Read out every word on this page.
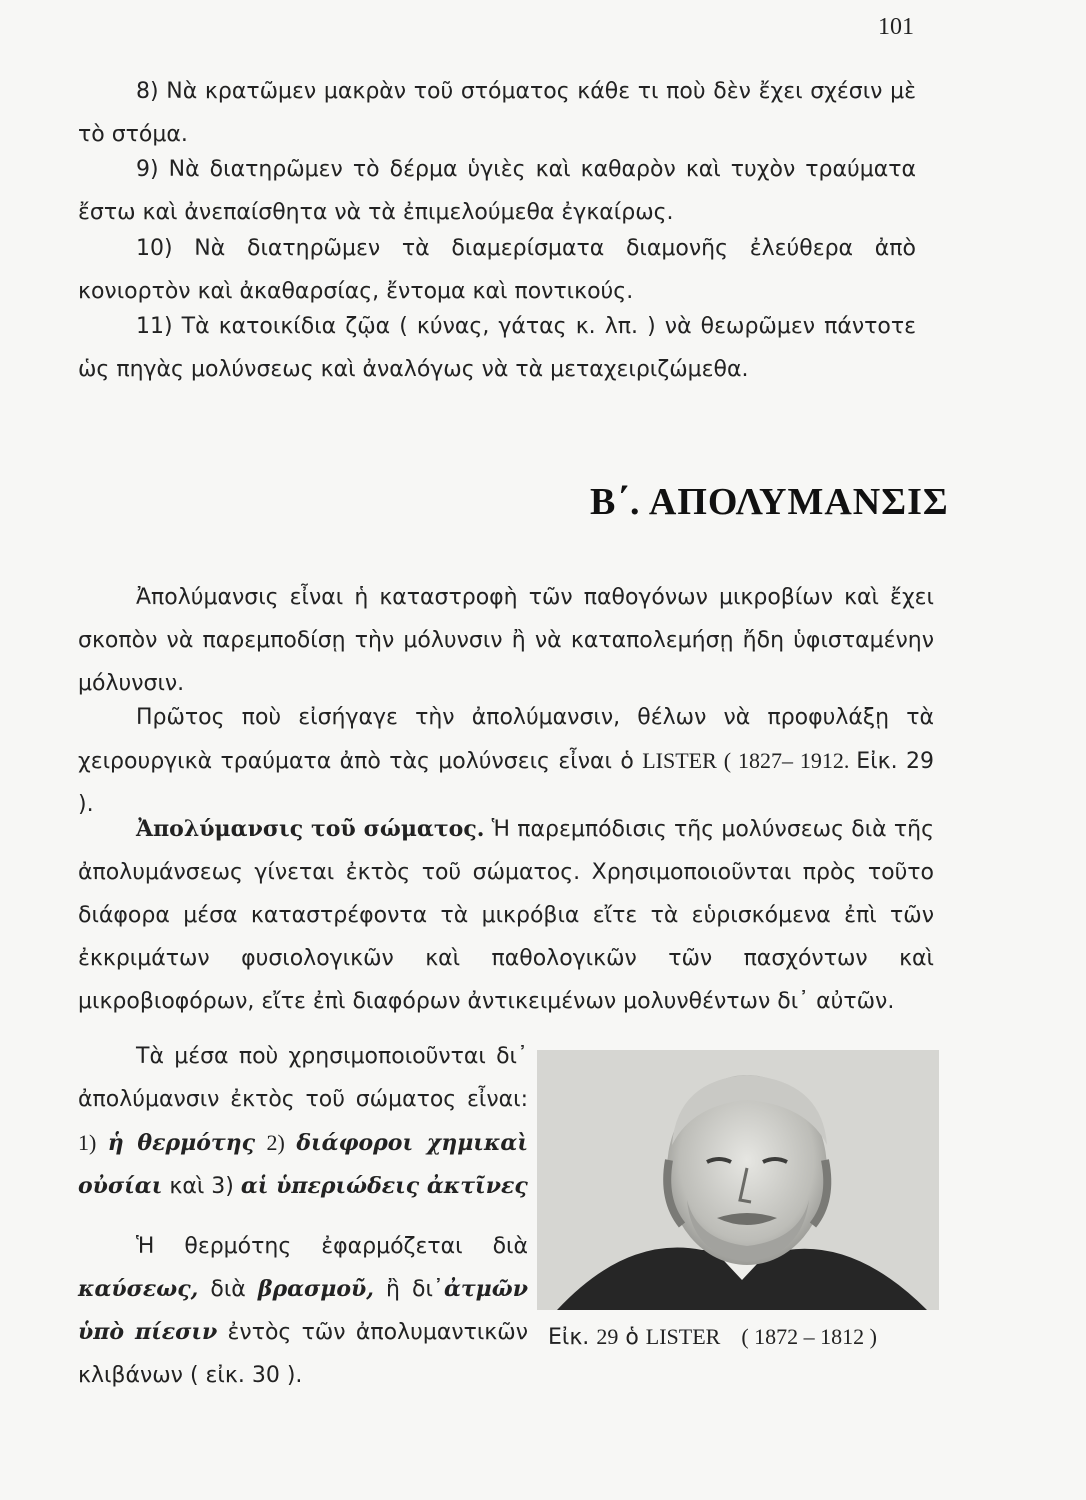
101

8) Νὰ κρατῶμεν μακρὰν τοῦ στόματος κάθε τι ποὺ δὲν ἔχει σχέσιν μὲ τὸ στόμα.

9) Νὰ διατηρῶμεν τὸ δέρμα ὑγιὲς καὶ καθαρὸν καὶ τυχὸν τραύματα ἔστω καὶ ἀνεπαίσθητα νὰ τὰ ἐπιμελούμεθα ἐγκαίρως.

10) Νὰ διατηρῶμεν τὰ διαμερίσματα διαμονῆς ἐλεύθερα ἀπὸ κονιορτὸν καὶ ἀκαθαρσίας, ἔντομα καὶ ποντικούς.

11) Τὰ κατοικίδια ζῷα ( κύνας, γάτας κ. λπ. ) νὰ θεωρῶμεν πάντοτε ὡς πηγὰς μολύνσεως καὶ ἀναλόγως νὰ τὰ μεταχειριζώμεθα.

Β΄. ΑΠΟΛΥΜΑΝΣΙΣ

Ἀπολύμανσις εἶναι ἡ καταστροφὴ τῶν παθογόνων μικροβίων καὶ ἔχει σκοπὸν νὰ παρεμποδίσῃ τὴν μόλυνσιν ἢ νὰ καταπολεμήσῃ ἤδη ὑφισταμένην μόλυνσιν.

Πρῶτος ποὺ εἰσήγαγε τὴν ἀπολύμανσιν, θέλων νὰ προφυλάξῃ τὰ χειρουργικὰ τραύματα ἀπὸ τὰς μολύνσεις εἶναι ὁ LISTER ( 1827– 1912. Εἰκ. 29 ).

Ἀπολύμανσις τοῦ σώματος. Ἡ παρεμπόδισις τῆς μολύνσεως διὰ τῆς ἀπολυμάνσεως γίνεται ἐκτὸς τοῦ σώματος. Χρησιμοποιοῦνται πρὸς τοῦτο διάφορα μέσα καταστρέφοντα τὰ μικρόβια εἴτε τὰ εὑρισκόμενα ἐπὶ τῶν ἐκκριμάτων φυσιολογικῶν καὶ παθολογικῶν τῶν πασχόντων καὶ μικροβιοφόρων, εἴτε ἐπὶ διαφόρων ἀντικειμένων μολυνθέντων δι᾽ αὐτῶν.

Τὰ μέσα ποὺ χρησιμοποιοῦνται δι᾽ ἀπολύμανσιν ἐκτὸς τοῦ σώματος εἶναι: 1) ἡ θερμότης 2) διάφοροι χημικαὶ οὐσίαι καὶ 3) αἱ ὑπεριώδεις ἀκτῖνες

Ἡ θερμότης ἐφαρμόζεται διὰ καύσεως, διὰ βρασμοῦ, ἢ δι᾽ἀτμῶν ὑπὸ πίεσιν ἐντὸς τῶν ἀπολυμαντικῶν κλιβάνων ( εἰκ. 30 ).

Εἰκ. 29 ὁ LISTER ( 1872 – 1812 )
